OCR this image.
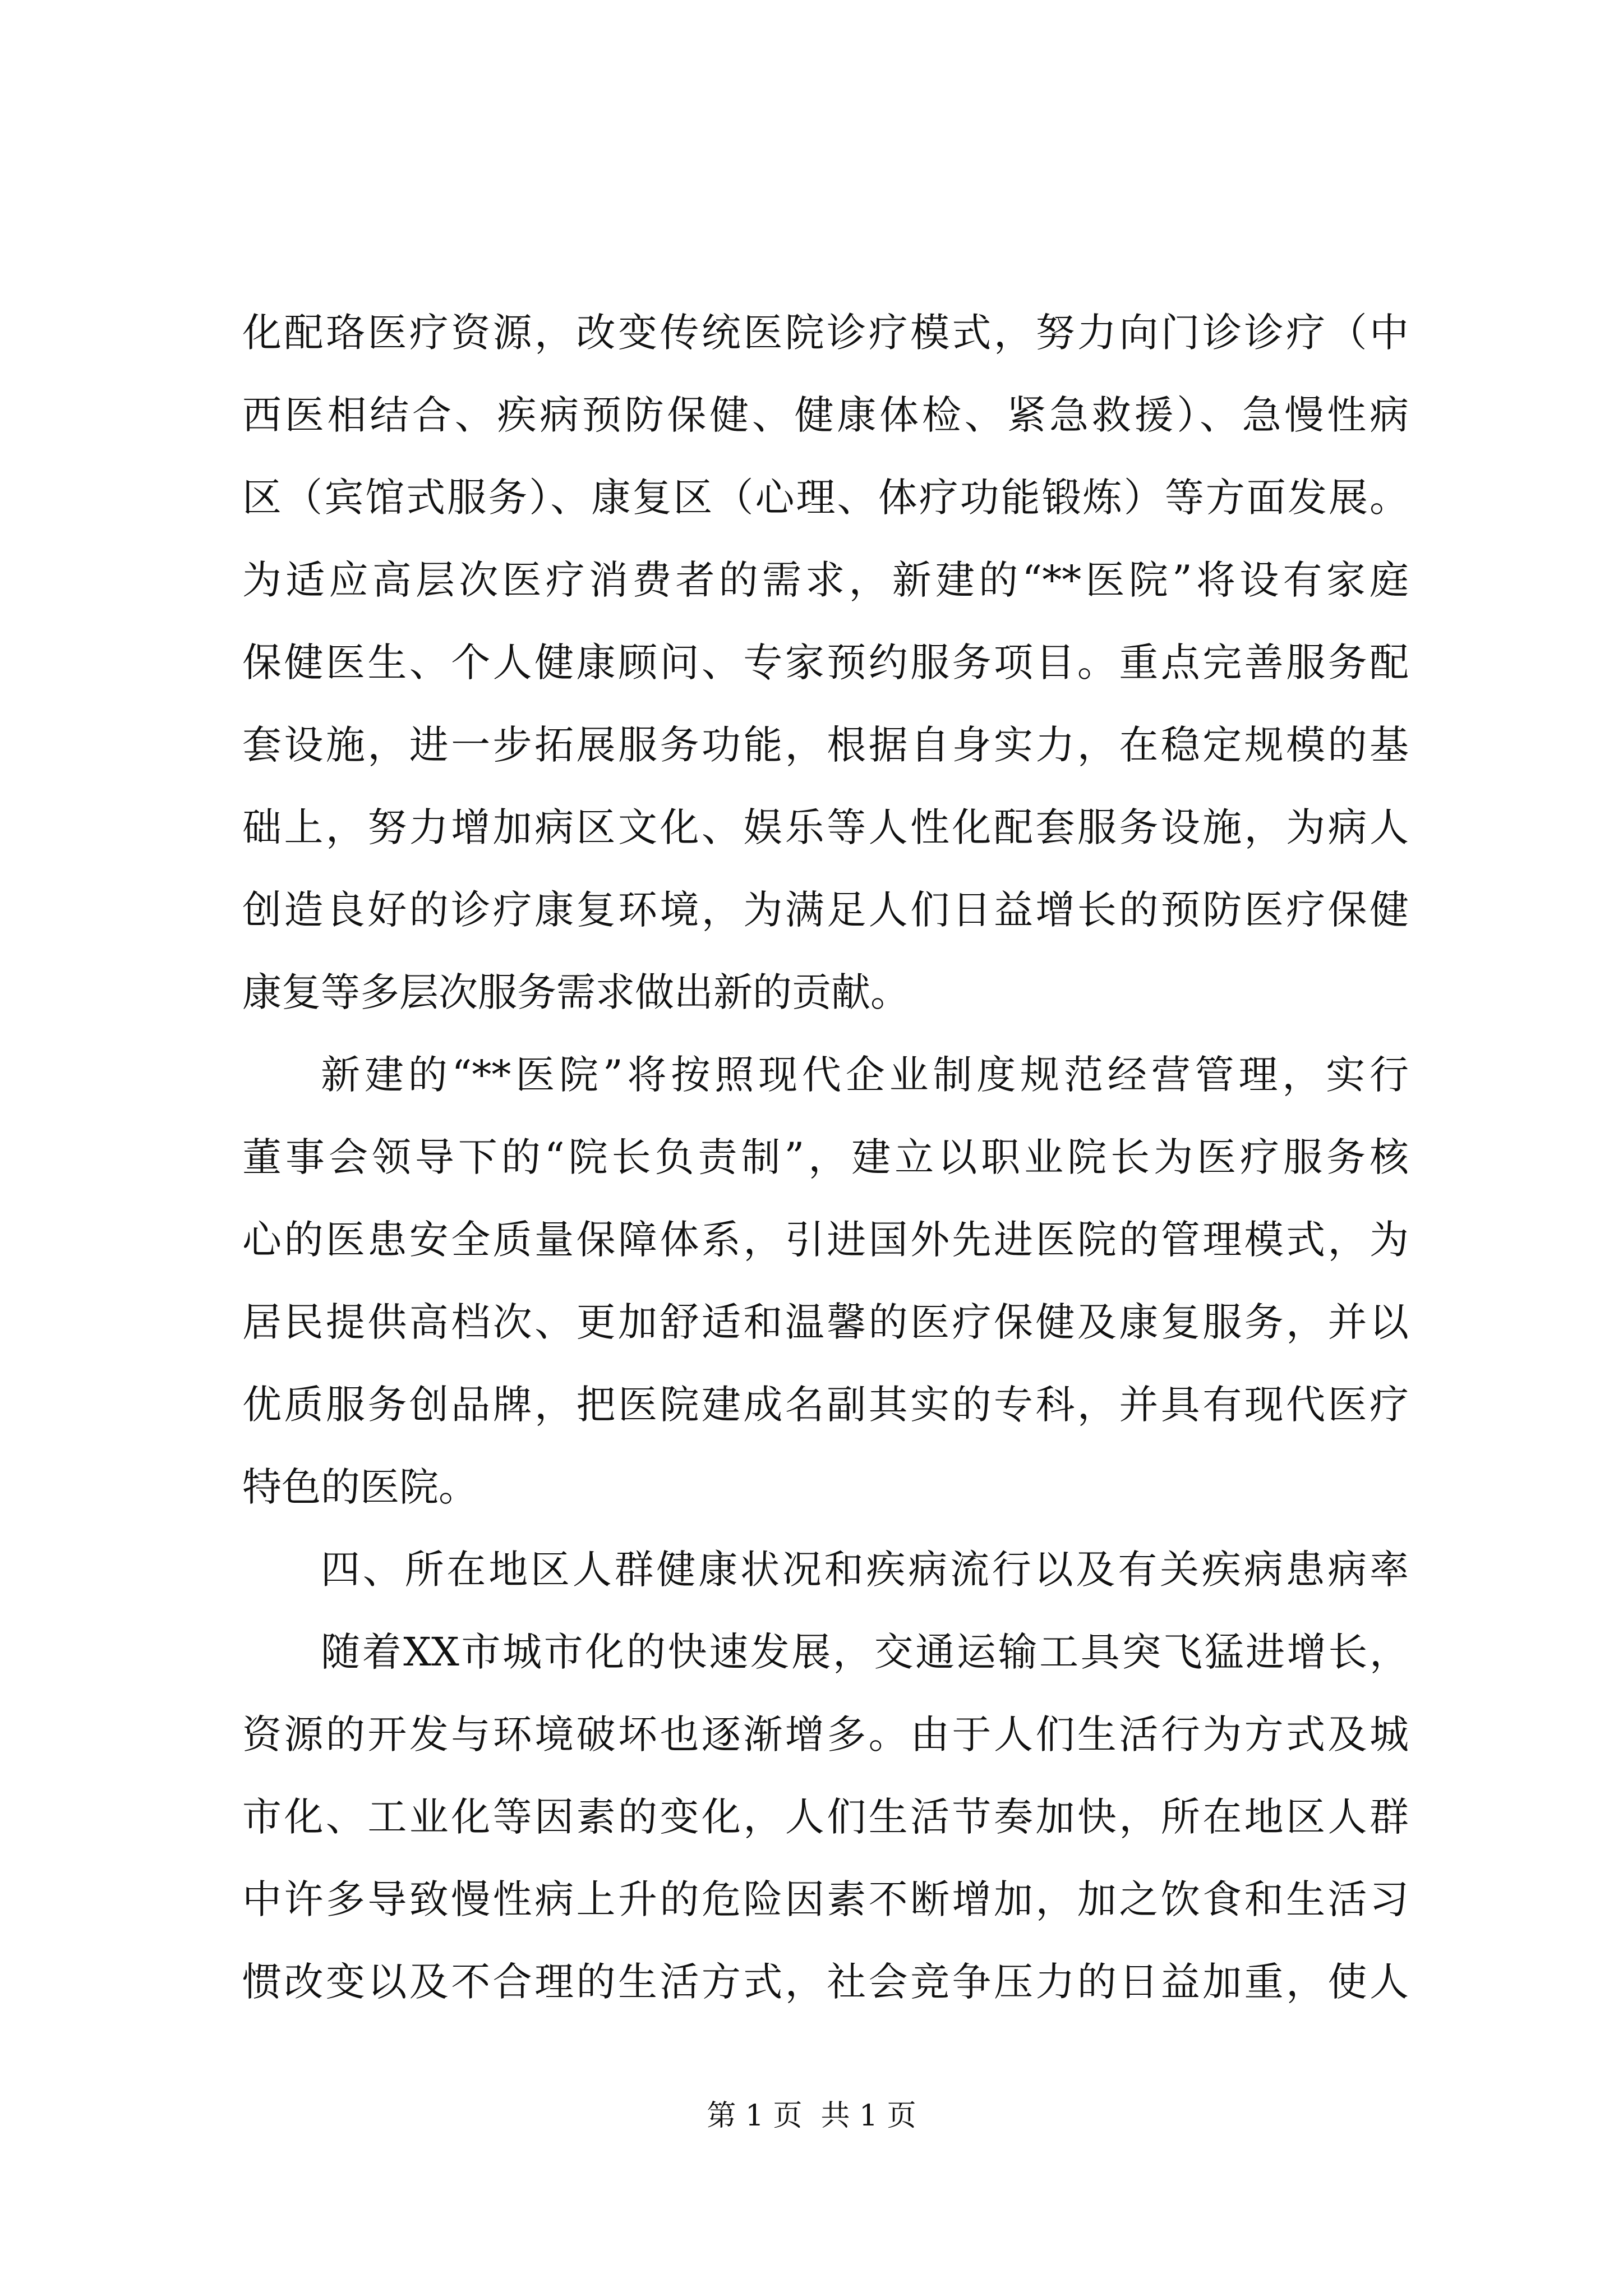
化配珞医疗资源，改变传统医院诊疗模式，努力向门诊诊疗（中
西医相结合、疾病预防保健、健康体检、紧急救援）、急慢性病
区（宾馆式服务）、康复区（心理、体疗功能锻炼）等方面发展。
为适应高层次医疗消费者的需求，新建的“**医院”将设有家庭
保健医生、个人健康顾问、专家预约服务项目。重点完善服务配
套设施，进一步拓展服务功能，根据自身实力，在稳定规模的基
础上，努力增加病区文化、娱乐等人性化配套服务设施，为病人
创造良好的诊疗康复环境，为满足人们日益增长的预防医疗保健
康复等多层次服务需求做出新的贡献。
新建的“**医院”将按照现代企业制度规范经营管理，实行
董事会领导下的“院长负责制”，建立以职业院长为医疗服务核
心的医患安全质量保障体系，引进国外先进医院的管理模式，为
居民提供高档次、更加舒适和温馨的医疗保健及康复服务，并以
优质服务创品牌，把医院建成名副其实的专科，并具有现代医疗
特色的医院。
四、所在地区人群健康状况和疾病流行以及有关疾病患病率
随着XX市城市化的快速发展，交通运输工具突飞猛进增长，
资源的开发与环境破坏也逐渐增多。由于人们生活行为方式及城
市化、工业化等因素的变化，人们生活节奏加快，所在地区人群
中许多导致慢性病上升的危险因素不断增加，加之饮食和生活习
惯改变以及不合理的生活方式，社会竞争压力的日益加重，使人
第 1 页  共 1 页
